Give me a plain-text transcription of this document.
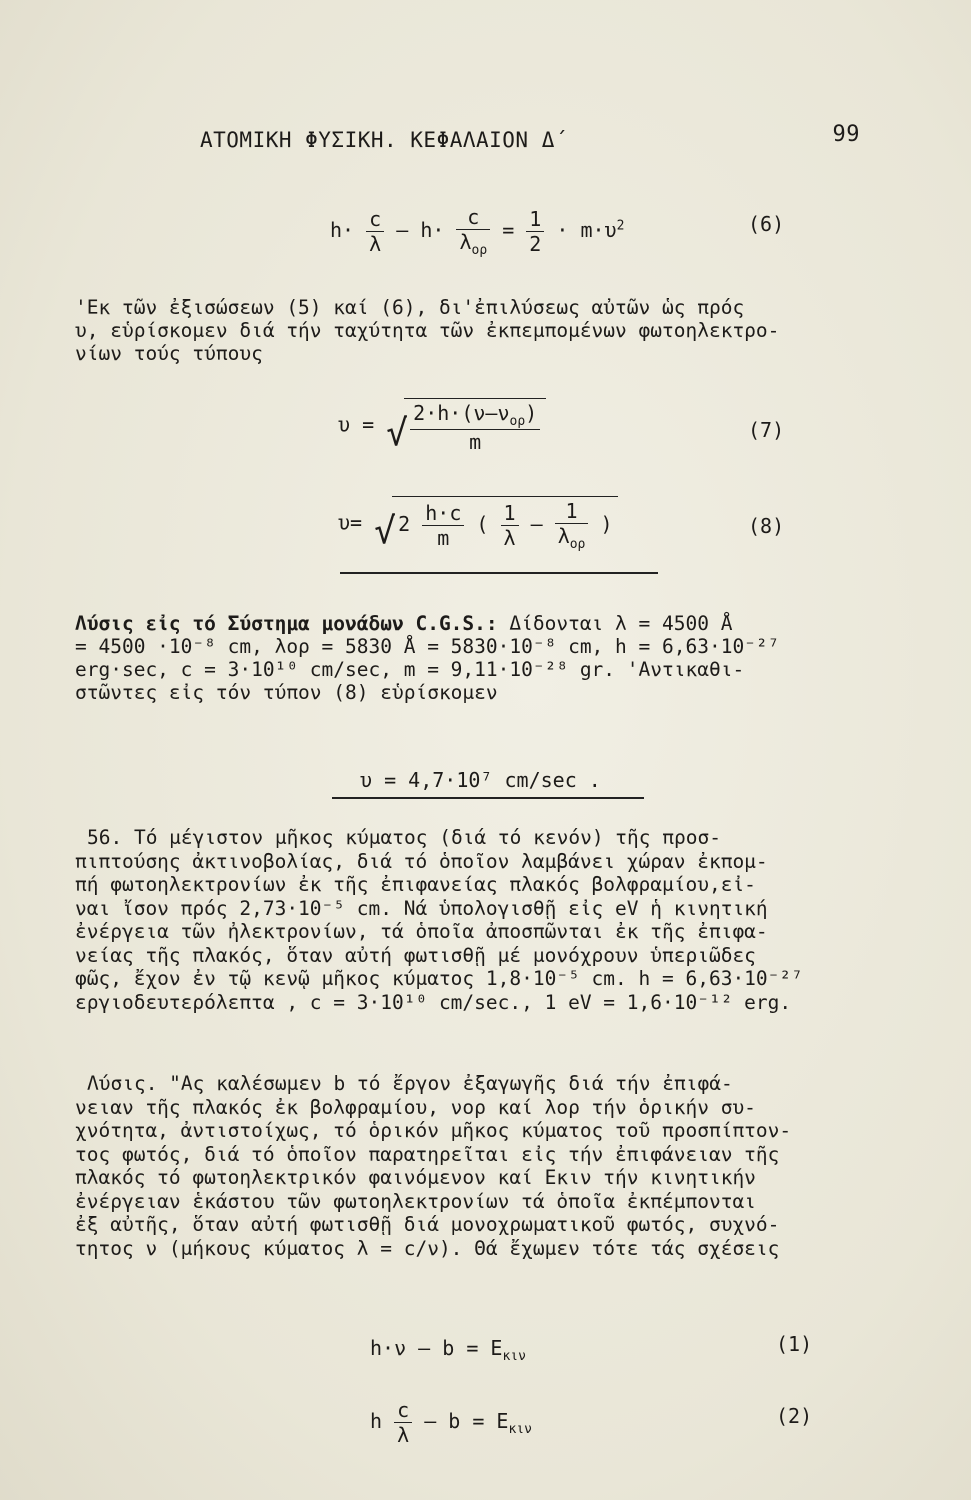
ΑΤΟΜΙΚΗ ΦΥΣΙΚΗ. ΚΕΦΑΛΑΙΟΝ Δ΄	99
$h\cdot \frac{c}{\lambda} - h\cdot \frac{c}{\lambda_{o\rho}} = \frac{1}{2} \cdot m\cdot\upsilon^2$	(6)
'Εκ τῶν ἐξισώσεων (5) καί (6), δι'ἐπιλύσεως αὐτῶν ὡς πρός
υ, εὑρίσκομεν διά τήν ταχύτητα τῶν ἐκπεμπομένων φωτοηλεκτρο-
νίων τούς τύπους
υ = √ $\frac{2\cdot h\cdot(\nu-\nu_{o\rho})}{m}$	(7)
υ= √ $2 \frac{h\cdot c}{m}$ ( $\frac{1}{\lambda} - \frac{1}{\lambda_{o\rho}}$ )	(8)
Λύσις εἰς τό Σύστημα μονάδων C.G.S.: Δίδονται λ = 4500 Å
= 4500 ·10⁻⁸ cm, λορ = 5830 Å = 5830·10⁻⁸ cm, h = 6,63·10⁻²⁷
erg·sec, c = 3·10¹⁰ cm/sec, m = 9,11·10⁻²⁸ gr. 'Αντικαθι-
στῶντες εἰς τόν τύπον (8) εὑρίσκομεν
υ = 4,7·10⁷ cm/sec .
56. Τό μέγιστον μῆκος κύματος (διά τό κενόν) τῆς προσ-
πιπτούσης ἀκτινοβολίας, διά τό ὁποῖον λαμβάνει χώραν ἐκπομ-
πή φωτοηλεκτρονίων ἐκ τῆς ἐπιφανείας πλακός βολφραμίου,εἰ-
ναι ἴσον πρός 2,73·10⁻⁵ cm. Νά ὑπολογισθῇ εἰς eV ἡ κινητική
ἐνέργεια τῶν ἠλεκτρονίων, τά ὁποῖα ἀποσπῶνται ἐκ τῆς ἐπιφα-
νείας τῆς πλακός, ὅταν αὐτή φωτισθῇ μέ μονόχρουν ὑπεριῶδες
φῶς, ἔχον ἐν τῷ κενῷ μῆκος κύματος 1,8·10⁻⁵ cm. h = 6,63·10⁻²⁷
εργιοδευτερόλεπτα , c = 3·10¹⁰ cm/sec., 1 eV = 1,6·10⁻¹² erg.
Λύσις. "Ας καλέσωμεν b τό ἔργον ἐξαγωγῆς διά τήν ἐπιφά-
νειαν τῆς πλακός ἐκ βολφραμίου, νορ καί λορ τήν ὁρικήν συ-
χνότητα, ἀντιστοίχως, τό ὁρικόν μῆκος κύματος τοῦ προσπίπτον-
τος φωτός, διά τό ὁποῖον παρατηρεῖται εἰς τήν ἐπιφάνειαν τῆς
πλακός τό φωτοηλεκτρικόν φαινόμενον καί Eκιν τήν κινητικήν
ἐνέργειαν ἑκάστου τῶν φωτοηλεκτρονίων τά ὁποῖα ἐκπέμπονται
ἐξ αὐτῆς, ὅταν αὐτή φωτισθῇ διά μονοχρωματικοῦ φωτός, συχνό-
τητος ν (μήκους κύματος λ = c/ν). Θά ἔχωμεν τότε τάς σχέσεις
$h\cdot\nu - b = E_{\kappa\iota\nu}$
(1)
h $\frac{c}{\lambda} - b = E_{\kappa\iota\nu}$
(2)
